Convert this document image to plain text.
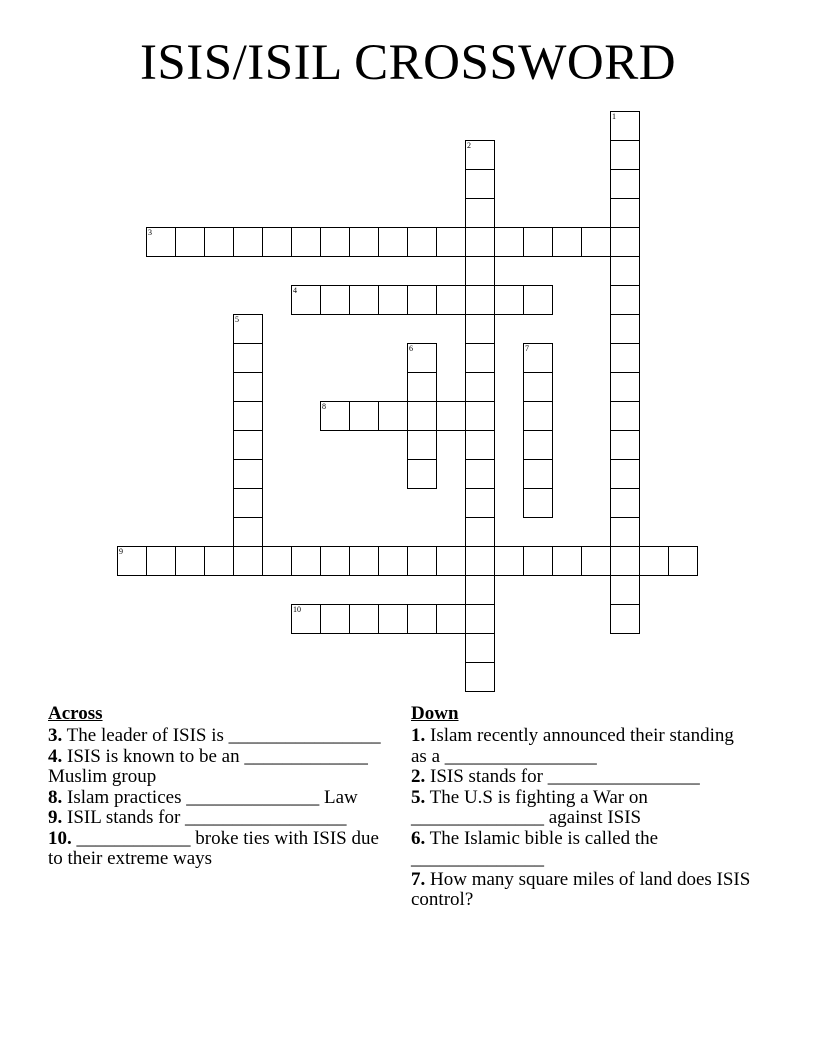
ISIS/ISIL CROSSWORD
1
2
3
4
5
6	7
8
9
10
Across

3. The leader of ISIS is ________________

4. ISIS is known to be an _____________ Muslim group

8. Islam practices ______________ Law

9. ISIL stands for _________________

10. ____________ broke ties with ISIS due to their extreme ways

Down

1. Islam recently announced their standing as a ________________

2. ISIS stands for ________________

5. The U.S is fighting a War on ______________ against ISIS

6. The Islamic bible is called the ______________

7. How many square miles of land does ISIS control?
